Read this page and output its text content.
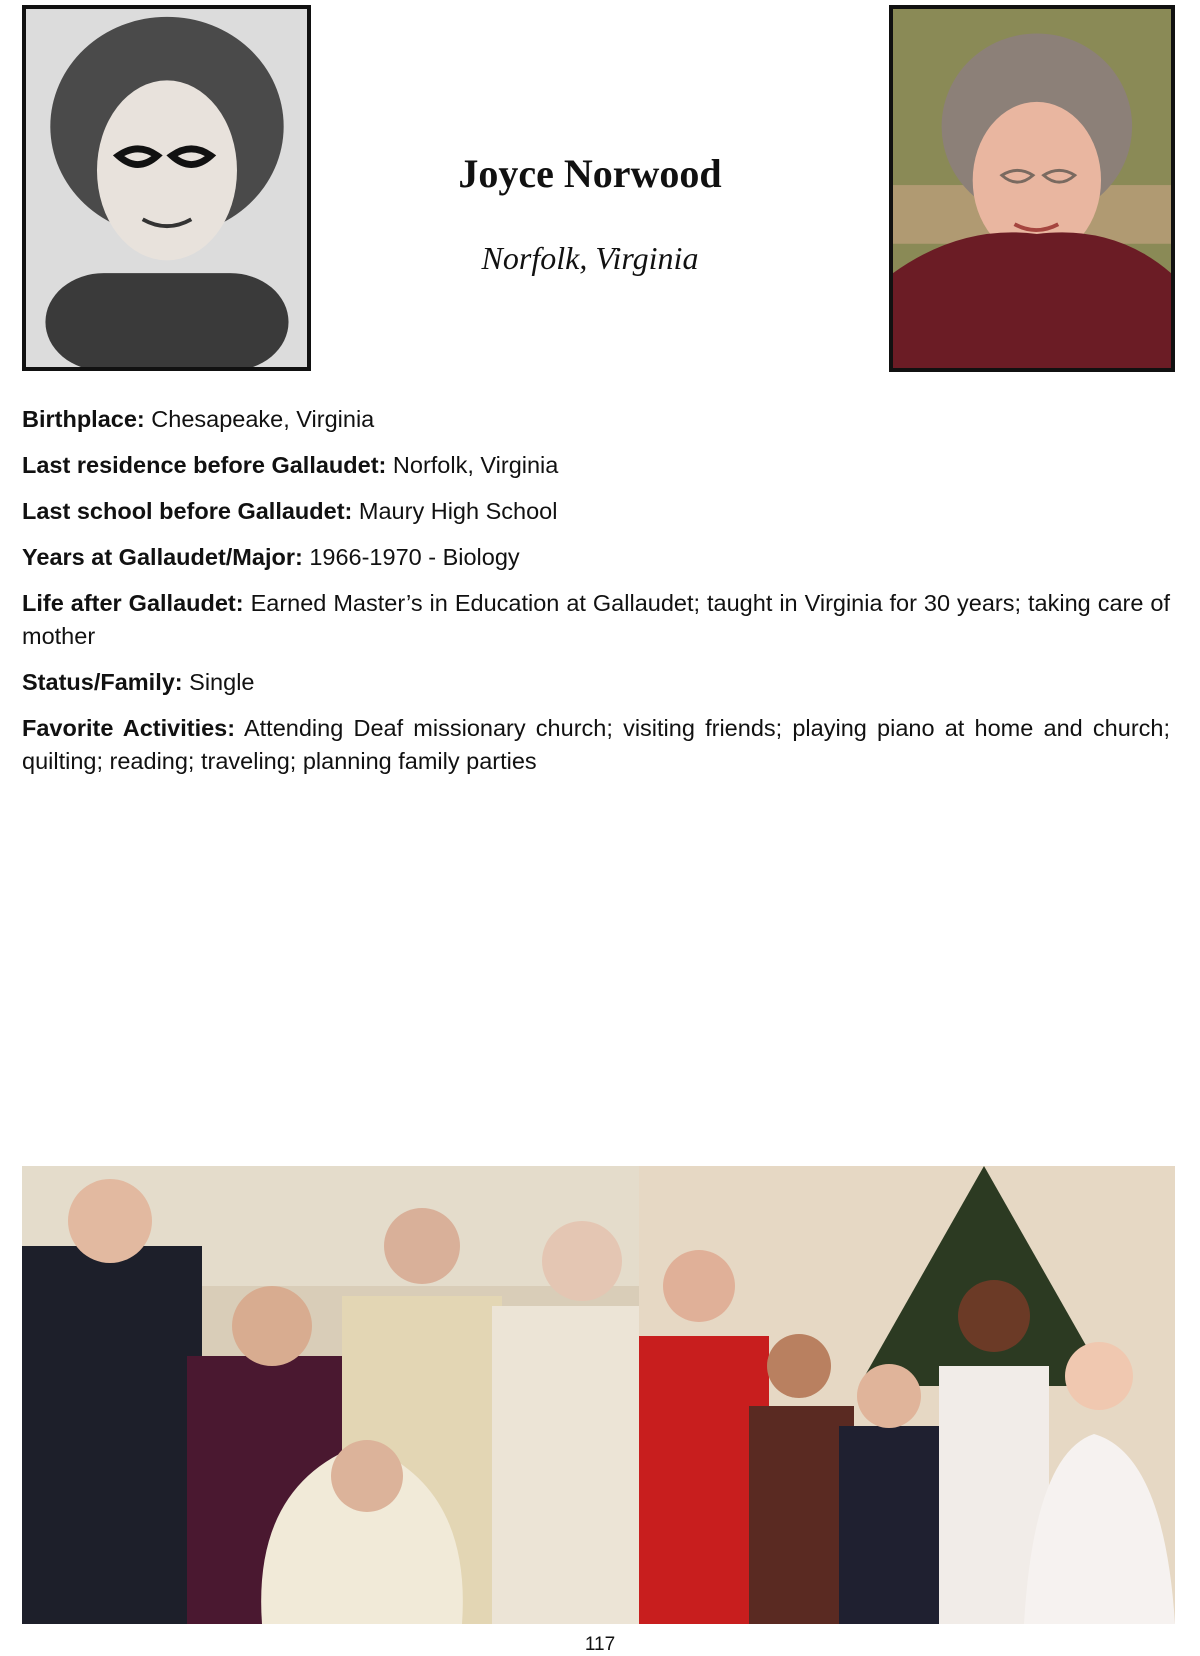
Joyce Norwood

Norfolk, Virginia

Birthplace: Chesapeake, Virginia

Last residence before Gallaudet: Norfolk, Virginia

Last school before Gallaudet: Maury High School

Years at Gallaudet/Major: 1966-1970 - Biology

Life after Gallaudet: Earned Master’s in Education at Gallaudet; taught in Virginia for 30 years; taking care of mother

Status/Family: Single

Favorite Activities: Attending Deaf missionary church; visiting friends; playing piano at home and church; quilting; reading; traveling; planning family parties

117
